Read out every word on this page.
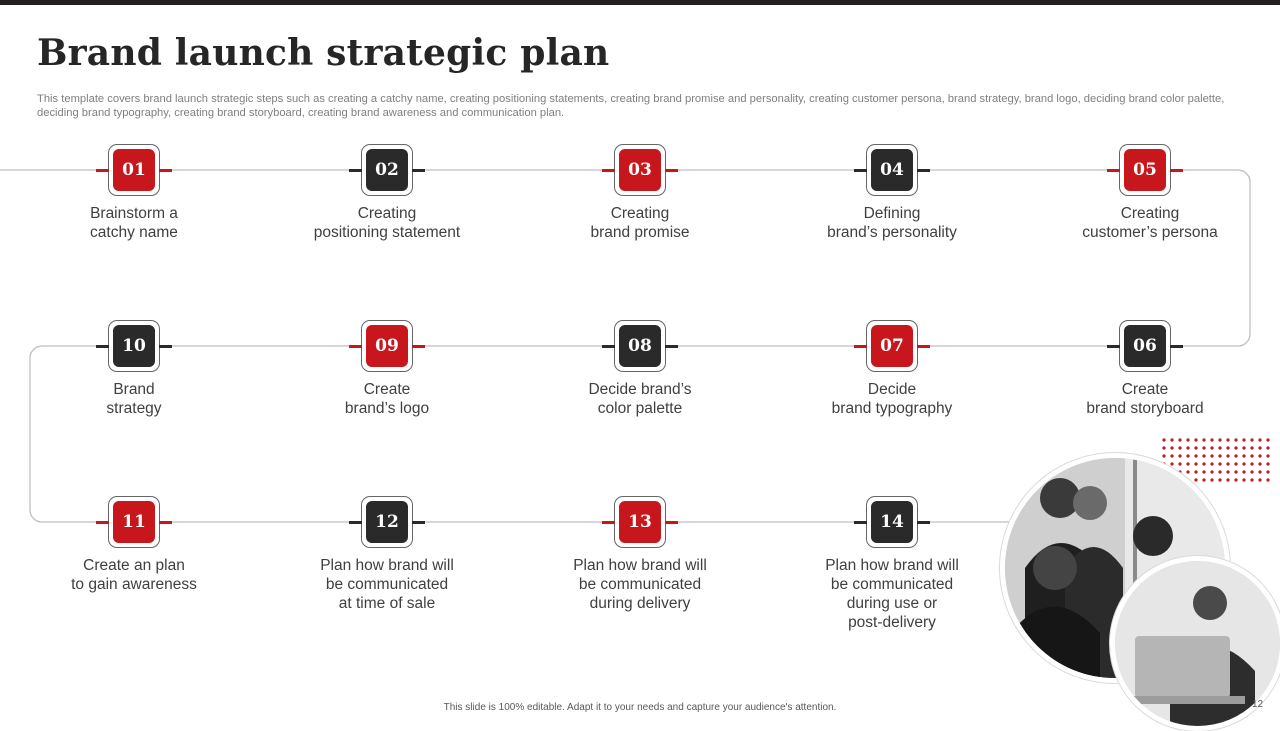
Brand launch strategic plan

This template covers brand launch strategic steps such as creating a catchy name, creating positioning statements, creating brand promise and personality, creating customer persona, brand strategy, brand logo, deciding brand color palette, deciding brand typography, creating brand storyboard, creating brand awareness and communication plan.

01
Brainstorm a
catchy name
02
Creating
positioning statement
03
Creating
brand promise
04
Defining
brand’s personality
05
Creating
customer’s persona
06
Create
brand storyboard
07
Decide
brand typography
08
Decide brand’s
color palette
09
Create
brand’s logo
10
Brand
strategy
11
Create an plan
to gain awareness
12
Plan how brand will
be communicated
at time of sale
13
Plan how brand will
be communicated
during delivery
14
Plan how brand will
be communicated
during use or
post-delivery

This slide is 100% editable. Adapt it to your needs and capture your audience's attention.	12
